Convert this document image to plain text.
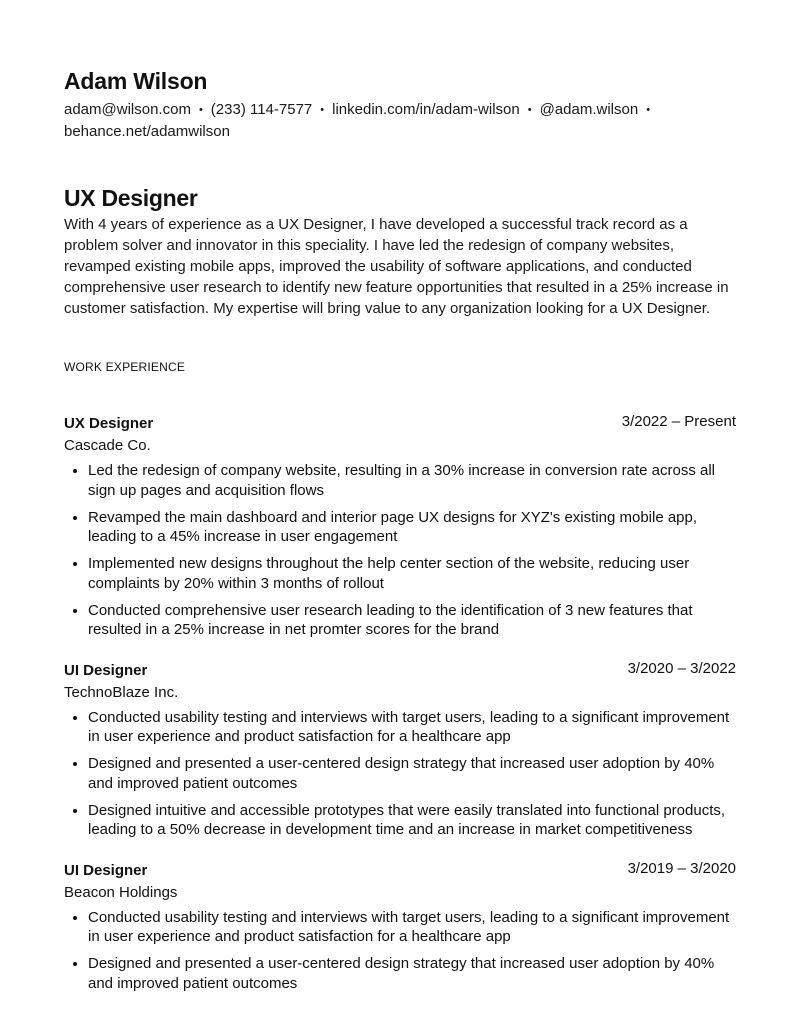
Adam Wilson
adam@wilson.com • (233) 114-7577 • linkedin.com/in/adam-wilson • @adam.wilson • behance.net/adamwilson
UX Designer
With 4 years of experience as a UX Designer, I have developed a successful track record as a problem solver and innovator in this speciality. I have led the redesign of company websites, revamped existing mobile apps, improved the usability of software applications, and conducted comprehensive user research to identify new feature opportunities that resulted in a 25% increase in customer satisfaction. My expertise will bring value to any organization looking for a UX Designer.
WORK EXPERIENCE
UX Designer	3/2022 – Present
Cascade Co.
• Led the redesign of company website, resulting in a 30% increase in conversion rate across all sign up pages and acquisition flows
• Revamped the main dashboard and interior page UX designs for XYZ's existing mobile app, leading to a 45% increase in user engagement
• Implemented new designs throughout the help center section of the website, reducing user complaints by 20% within 3 months of rollout
• Conducted comprehensive user research leading to the identification of 3 new features that resulted in a 25% increase in net promter scores for the brand
UI Designer	3/2020 – 3/2022
TechnoBlaze Inc.
• Conducted usability testing and interviews with target users, leading to a significant improvement in user experience and product satisfaction for a healthcare app
• Designed and presented a user-centered design strategy that increased user adoption by 40% and improved patient outcomes
• Designed intuitive and accessible prototypes that were easily translated into functional products, leading to a 50% decrease in development time and an increase in market competitiveness
UI Designer	3/2019 – 3/2020
Beacon Holdings
• Conducted usability testing and interviews with target users, leading to a significant improvement in user experience and product satisfaction for a healthcare app
• Designed and presented a user-centered design strategy that increased user adoption by 40% and improved patient outcomes
